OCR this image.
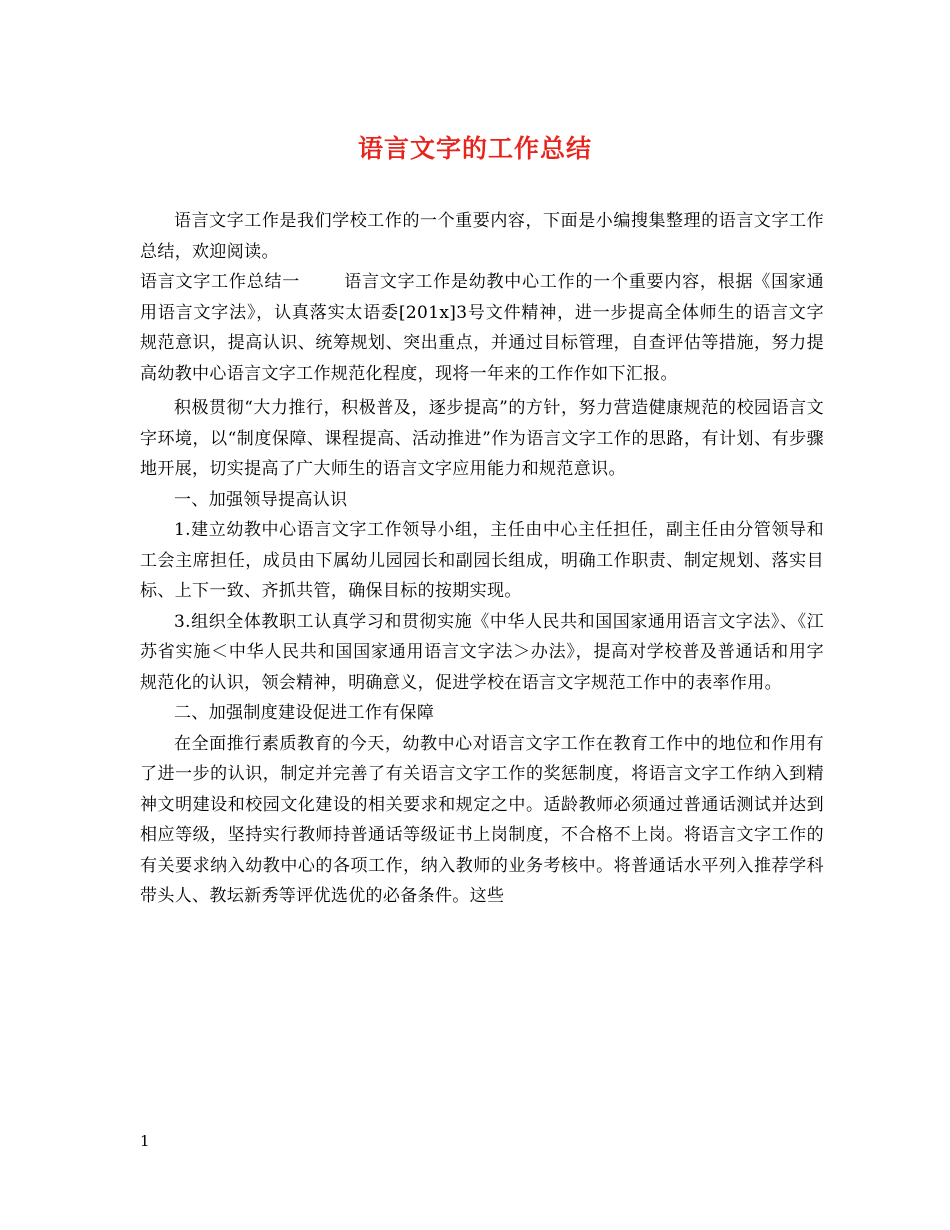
语言文字的工作总结

语言文字工作是我们学校工作的一个重要内容，下面是小编搜集整理的语言文字工作总结，欢迎阅读。

语言文字工作总结一	语言文字工作是幼教中心工作的一个重要内容，根据《国家通用语言文字法》，认真落实太语委[201x]3号文件精神，进一步提高全体师生的语言文字规范意识，提高认识、统筹规划、突出重点，并通过目标管理，自查评估等措施，努力提高幼教中心语言文字工作规范化程度，现将一年来的工作作如下汇报。

积极贯彻“大力推行，积极普及，逐步提高”的方针，努力营造健康规范的校园语言文字环境，以“制度保障、课程提高、活动推进”作为语言文字工作的思路，有计划、有步骤地开展，切实提高了广大师生的语言文字应用能力和规范意识。

一、加强领导提高认识

1.建立幼教中心语言文字工作领导小组，主任由中心主任担任，副主任由分管领导和工会主席担任，成员由下属幼儿园园长和副园长组成，明确工作职责、制定规划、落实目标、上下一致、齐抓共管，确保目标的按期实现。

3.组织全体教职工认真学习和贯彻实施《中华人民共和国国家通用语言文字法》、《江苏省实施＜中华人民共和国国家通用语言文字法＞办法》，提高对学校普及普通话和用字规范化的认识，领会精神，明确意义，促进学校在语言文字规范工作中的表率作用。

二、加强制度建设促进工作有保障

在全面推行素质教育的今天，幼教中心对语言文字工作在教育工作中的地位和作用有了进一步的认识，制定并完善了有关语言文字工作的奖惩制度，将语言文字工作纳入到精神文明建设和校园文化建设的相关要求和规定之中。适龄教师必须通过普通话测试并达到相应等级，坚持实行教师持普通话等级证书上岗制度，不合格不上岗。将语言文字工作的有关要求纳入幼教中心的各项工作，纳入教师的业务考核中。将普通话水平列入推荐学科带头人、教坛新秀等评优选优的必备条件。这些

1
